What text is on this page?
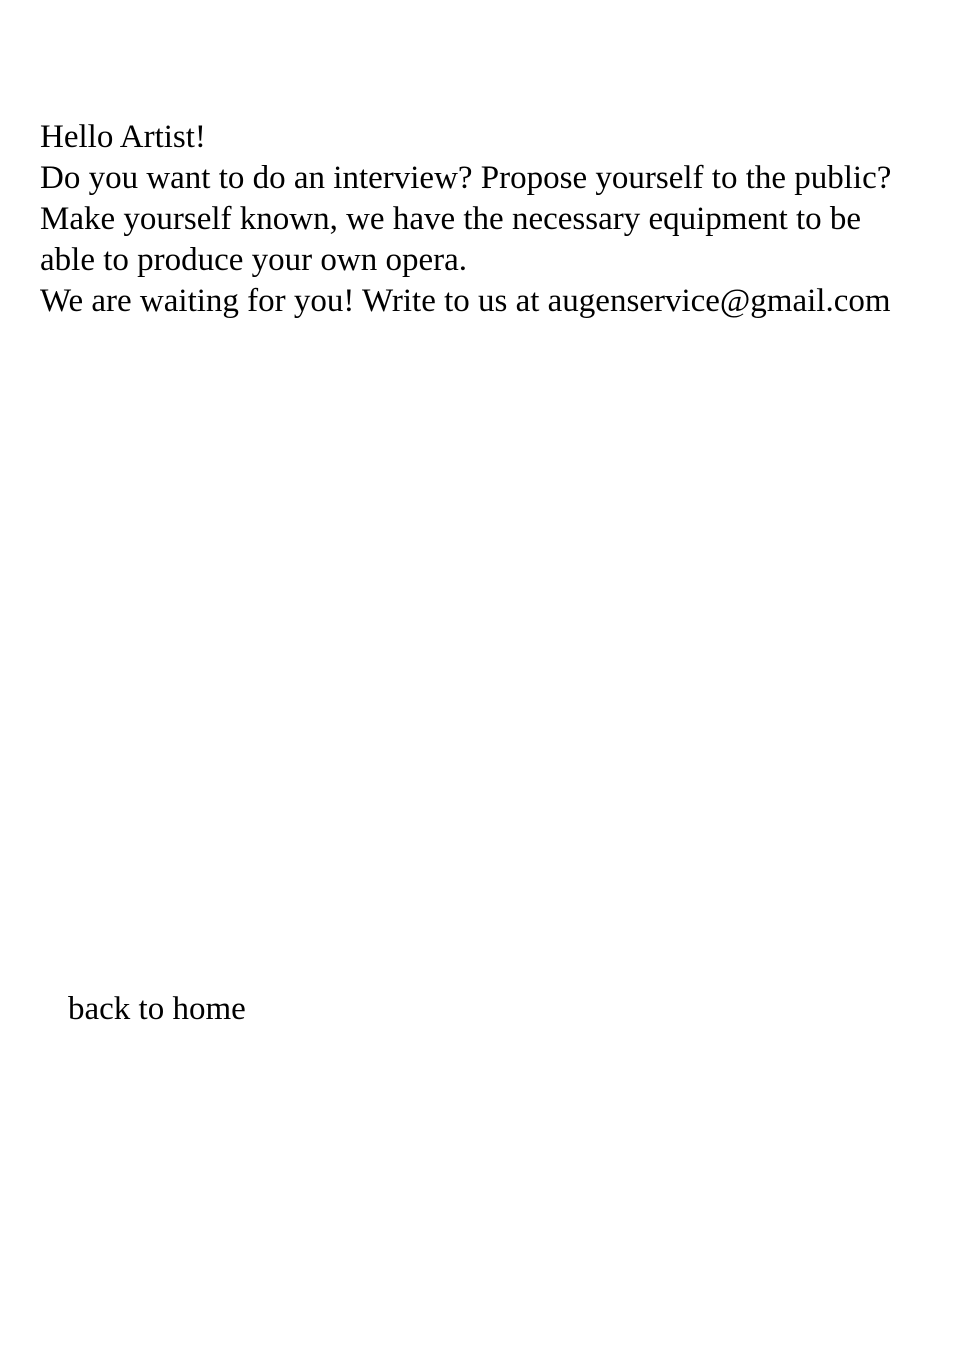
Hello Artist!

Do you want to do an interview? Propose yourself to the public?

Make yourself known, we have the necessary equipment to be

able to produce your own opera.

We are waiting for you! Write to us at augenservice@gmail.com

back to home
